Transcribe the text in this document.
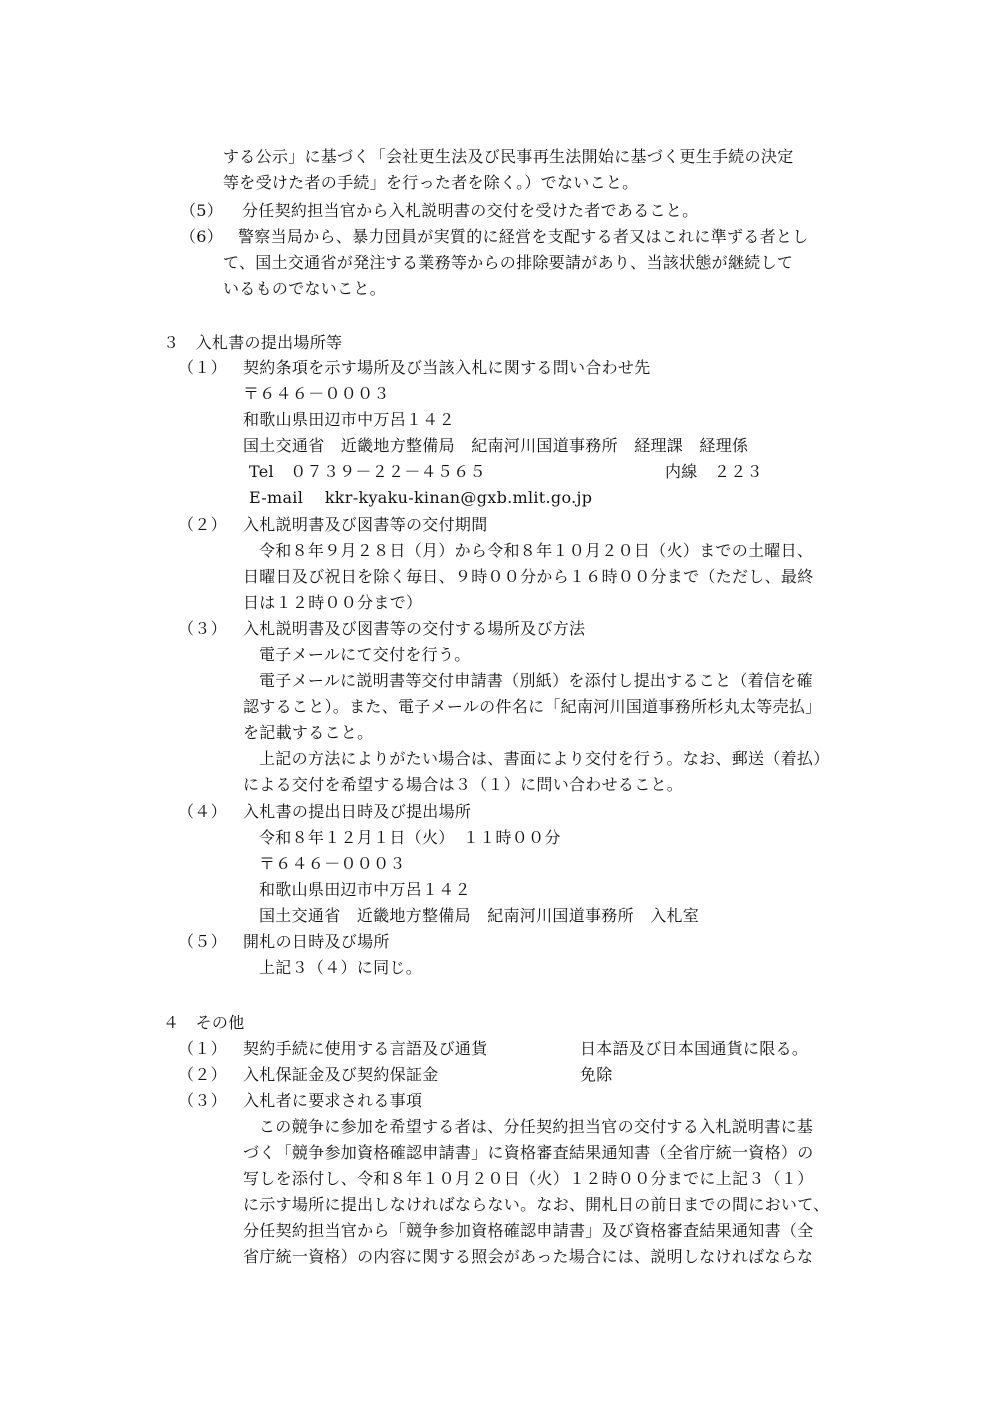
する公示」に基づく「会社更生法及び民事再生法開始に基づく更生手続の決定
等を受けた者の手続」を行った者を除く。）でないこと。
（5） 分任契約担当官から入札説明書の交付を受けた者であること。
（6） 警察当局から、暴力団員が実質的に経営を支配する者又はこれに準ずる者とし
て、国土交通省が発注する業務等からの排除要請があり、当該状態が継続して
いるものでないこと。
３　入札書の提出場所等
（１） 契約条項を示す場所及び当該入札に関する問い合わせ先
〒６４６－０００３
和歌山県田辺市中万呂１４２
国土交通省　近畿地方整備局　紀南河川国道事務所　経理課　経理係
Tel　０７３９－２２－４５６５	内線　２２３
E-mail　 kkr-kyaku-kinan@gxb.mlit.go.jp
（２） 入札説明書及び図書等の交付期間
令和８年９月２８日（月）から令和８年１０月２０日（火）までの土曜日、
日曜日及び祝日を除く毎日、９時００分から１６時００分まで（ただし、最終
日は１２時００分まで）
（３） 入札説明書及び図書等の交付する場所及び方法
電子メールにて交付を行う。
電子メールに説明書等交付申請書（別紙）を添付し提出すること（着信を確
認すること）。また、電子メールの件名に「紀南河川国道事務所杉丸太等売払」
を記載すること。
上記の方法によりがたい場合は、書面により交付を行う。なお、郵送（着払）
による交付を希望する場合は３（１）に問い合わせること。
（４） 入札書の提出日時及び提出場所
令和８年１２月１日（火）　１１時００分
〒６４６－０００３
和歌山県田辺市中万呂１４２
国土交通省　近畿地方整備局　紀南河川国道事務所　入札室
（５） 開札の日時及び場所
上記３（４）に同じ。
４　その他
（１） 契約手続に使用する言語及び通貨	日本語及び日本国通貨に限る。
（２） 入札保証金及び契約保証金	免除
（３） 入札者に要求される事項
この競争に参加を希望する者は、分任契約担当官の交付する入札説明書に基
づく「競争参加資格確認申請書」に資格審査結果通知書（全省庁統一資格）の
写しを添付し、令和８年１０月２０日（火）１２時００分までに上記３（１）
に示す場所に提出しなければならない。なお、開札日の前日までの間において、
分任契約担当官から「競争参加資格確認申請書」及び資格審査結果通知書（全
省庁統一資格）の内容に関する照会があった場合には、説明しなければならな
